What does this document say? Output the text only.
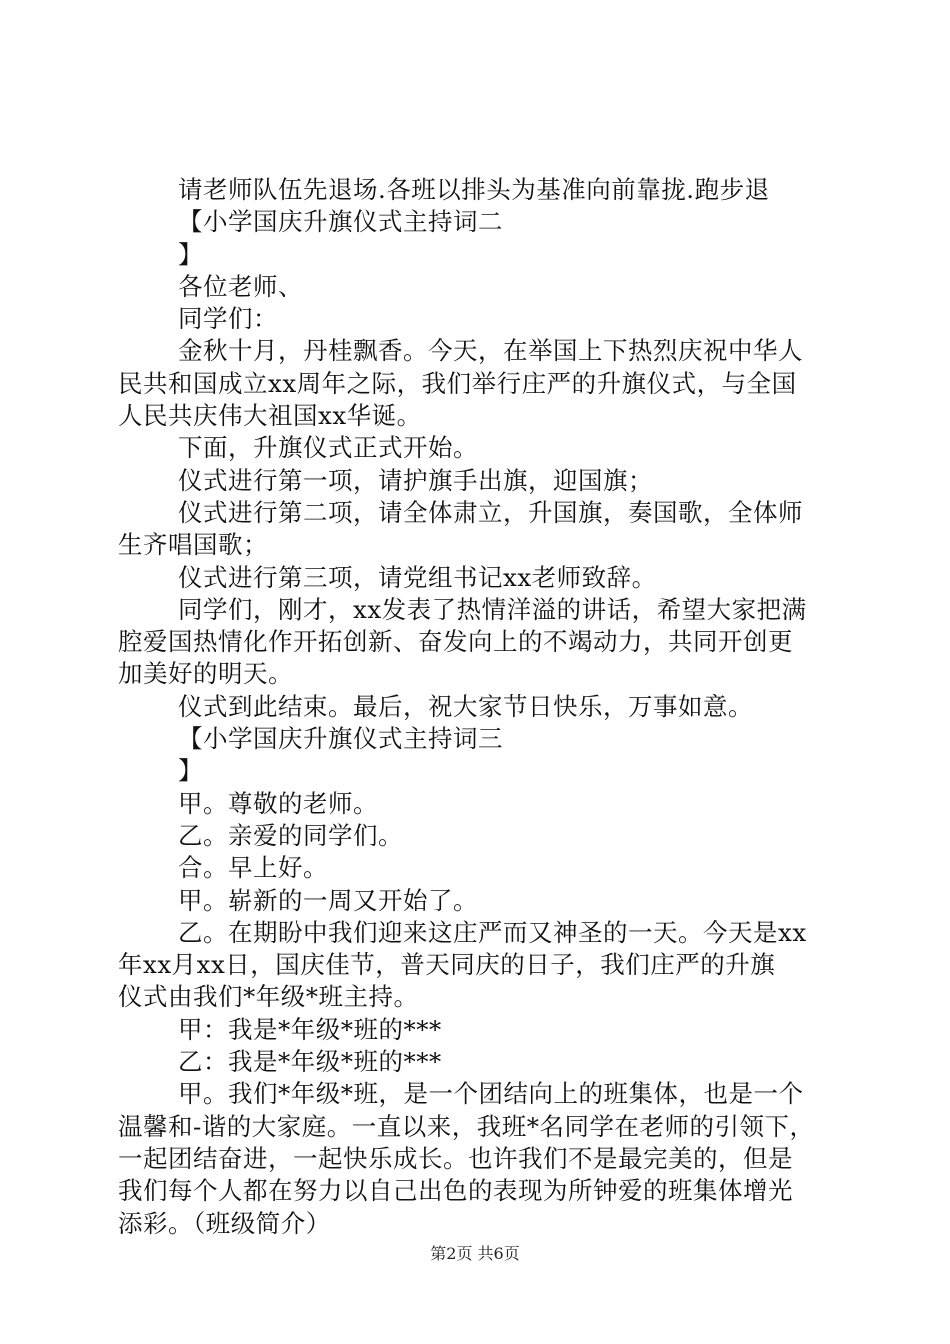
请老师队伍先退场.各班以排头为基准向前靠拢.跑步退
【小学国庆升旗仪式主持词二
】
各位老师、
同学们：
金秋十月，丹桂飘香。今天，在举国上下热烈庆祝中华人
民共和国成立xx周年之际，我们举行庄严的升旗仪式，与全国
人民共庆伟大祖国xx华诞。
下面，升旗仪式正式开始。
仪式进行第一项，请护旗手出旗，迎国旗；
仪式进行第二项，请全体肃立，升国旗，奏国歌，全体师
生齐唱国歌；
仪式进行第三项，请党组书记xx老师致辞。
同学们，刚才，xx发表了热情洋溢的讲话，希望大家把满
腔爱国热情化作开拓创新、奋发向上的不竭动力，共同开创更
加美好的明天。
仪式到此结束。最后，祝大家节日快乐，万事如意。
【小学国庆升旗仪式主持词三
】
甲。尊敬的老师。
乙。亲爱的同学们。
合。早上好。
甲。崭新的一周又开始了。
乙。在期盼中我们迎来这庄严而又神圣的一天。今天是xx
年xx月xx日，国庆佳节，普天同庆的日子，我们庄严的升旗
仪式由我们*年级*班主持。
甲：我是*年级*班的***
乙：我是*年级*班的***
甲。我们*年级*班，是一个团结向上的班集体，也是一个
温馨和-谐的大家庭。一直以来，我班*名同学在老师的引领下，
一起团结奋进，一起快乐成长。也许我们不是最完美的，但是
我们每个人都在努力以自己出色的表现为所钟爱的班集体增光
添彩。（班级简介）
第2页 共6页
